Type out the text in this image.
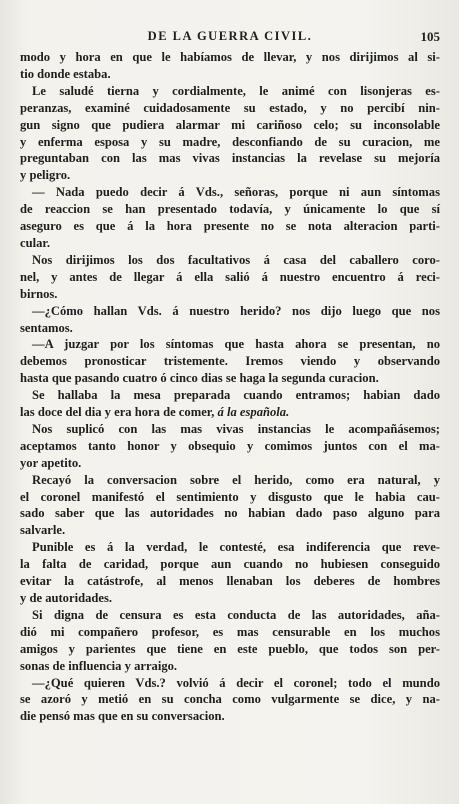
DE LA GUERRA CIVIL.	105
modo y hora en que le habíamos de llevar, y nos dirijimos al si-
tio donde estaba.
Le saludé tierna y cordialmente, le animé con lisonjeras es-
peranzas, examiné cuidadosamente su estado, y no percibí nin-
gun signo que pudiera alarmar mi cariñoso celo; su inconsolable
y enferma esposa y su madre, desconfiando de su curacion, me
preguntaban con las mas vivas instancias la revelase su mejoría
y peligro.
— Nada puedo decir á Vds., señoras, porque ni aun síntomas
de reaccion se han presentado todavía, y únicamente lo que sí
aseguro es que á la hora presente no se nota alteracion parti-
cular.
Nos dirijimos los dos facultativos á casa del caballero coro-
nel, y antes de llegar á ella salió á nuestro encuentro á reci-
birnos.
—¿Cómo hallan Vds. á nuestro herido? nos dijo luego que nos
sentamos.
—A juzgar por los síntomas que hasta ahora se presentan, no
debemos pronosticar tristemente. Iremos viendo y observando
hasta que pasando cuatro ó cinco dias se haga la segunda curacion.
Se hallaba la mesa preparada cuando entramos; habian dado
las doce del dia y era hora de comer, á la española.
Nos suplicó con las mas vivas instancias le acompañásemos;
aceptamos tanto honor y obsequio y comimos juntos con el ma-
yor apetito.
Recayó la conversacion sobre el herido, como era natural, y
el coronel manifestó el sentimiento y disgusto que le habia cau-
sado saber que las autoridades no habian dado paso alguno para
salvarle.
Punible es á la verdad, le contesté, esa indiferencia que reve-
la falta de caridad, porque aun cuando no hubiesen conseguido
evitar la catástrofe, al menos llenaban los deberes de hombres
y de autoridades.
Si digna de censura es esta conducta de las autoridades, aña-
dió mi compañero profesor, es mas censurable en los muchos
amigos y parientes que tiene en este pueblo, que todos son per-
sonas de influencia y arraigo.
—¿Qué quieren Vds.? volvió á decir el coronel; todo el mundo
se azoró y metió en su concha como vulgarmente se dice, y na-
die pensó mas que en su conversacion.
